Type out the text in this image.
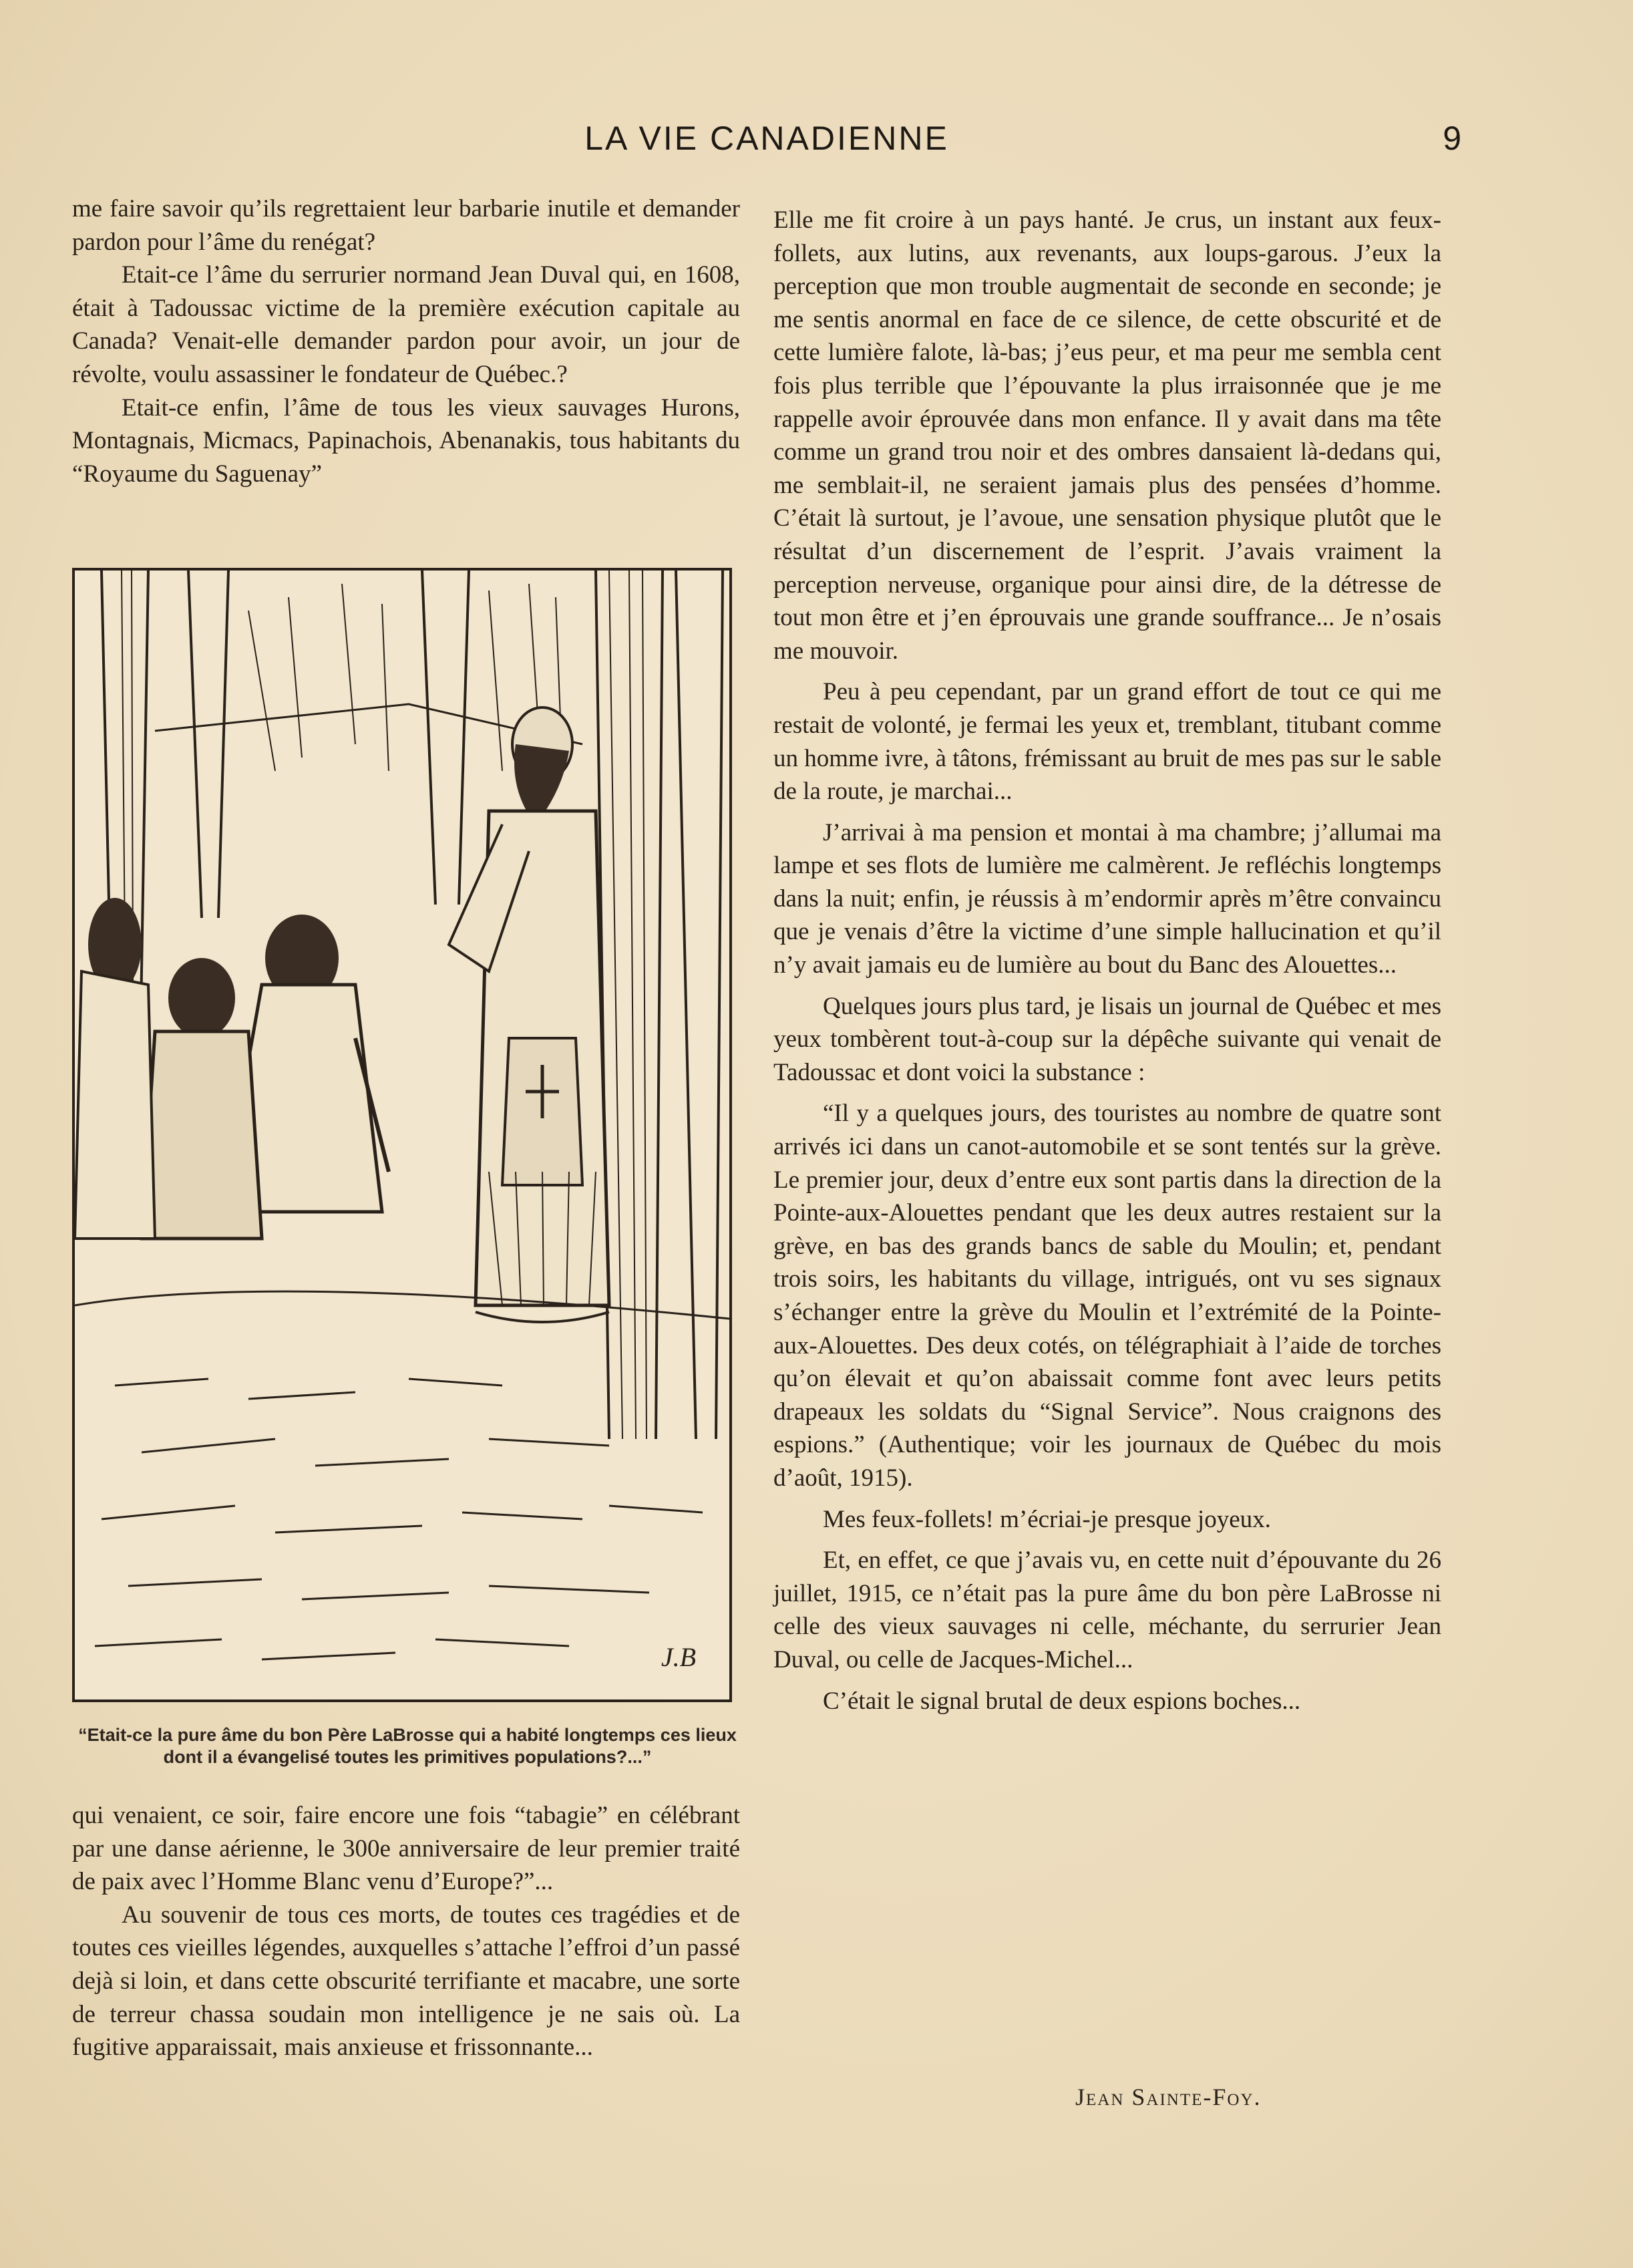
LA VIE CANADIENNE	9

me faire savoir qu’ils regrettaient leur barbarie inutile et demander pardon pour l’âme du renégat?

Etait-ce l’âme du serrurier normand Jean Duval qui, en 1608, était à Tadoussac victime de la première exécution capitale au Canada? Venait-elle demander pardon pour avoir, un jour de révolte, voulu assassiner le fondateur de Québec.?

Etait-ce enfin, l’âme de tous les vieux sauvages Hurons, Montagnais, Micmacs, Papinachois, Abenanakis, tous habitants du “Royaume du Saguenay”

J.B
“Etait-ce la pure âme du bon Père LaBrosse qui a habité longtemps ces lieux dont il a évangelisé toutes les primitives populations?...”

qui venaient, ce soir, faire encore une fois “tabagie” en célébrant par une danse aérienne, le 300e anniversaire de leur premier traité de paix avec l’Homme Blanc venu d’Europe?”...

Au souvenir de tous ces morts, de toutes ces tragédies et de toutes ces vieilles légendes, auxquelles s’attache l’effroi d’un passé dejà si loin, et dans cette obscurité terrifiante et macabre, une sorte de terreur chassa soudain mon intelligence je ne sais où. La fugitive apparaissait, mais anxieuse et frissonnante...

Elle me fit croire à un pays hanté. Je crus, un instant aux feux-follets, aux lutins, aux revenants, aux loups-garous. J’eux la perception que mon trouble augmentait de seconde en seconde; je me sentis anormal en face de ce silence, de cette obscurité et de cette lumière falote, là-bas; j’eus peur, et ma peur me sembla cent fois plus terrible que l’épouvante la plus irraisonnée que je me rappelle avoir éprouvée dans mon enfance. Il y avait dans ma tête comme un grand trou noir et des ombres dansaient là-dedans qui, me semblait-il, ne seraient jamais plus des pensées d’homme. C’était là surtout, je l’avoue, une sensation physique plutôt que le résultat d’un discernement de l’esprit. J’avais vraiment la perception nerveuse, organique pour ainsi dire, de la détresse de tout mon être et j’en éprouvais une grande souffrance... Je n’osais me mouvoir.

Peu à peu cependant, par un grand effort de tout ce qui me restait de volonté, je fermai les yeux et, tremblant, titubant comme un homme ivre, à tâtons, frémissant au bruit de mes pas sur le sable de la route, je marchai...

J’arrivai à ma pension et montai à ma chambre; j’allumai ma lampe et ses flots de lumière me calmèrent. Je refléchis longtemps dans la nuit; enfin, je réussis à m’endormir après m’être convaincu que je venais d’être la victime d’une simple hallucination et qu’il n’y avait jamais eu de lumière au bout du Banc des Alouettes...

Quelques jours plus tard, je lisais un journal de Québec et mes yeux tombèrent tout-à-coup sur la dépêche suivante qui venait de Tadoussac et dont voici la substance :

“Il y a quelques jours, des touristes au nombre de quatre sont arrivés ici dans un canot-automobile et se sont tentés sur la grève. Le premier jour, deux d’entre eux sont partis dans la direction de la Pointe-aux-Alouettes pendant que les deux autres restaient sur la grève, en bas des grands bancs de sable du Moulin; et, pendant trois soirs, les habitants du village, intrigués, ont vu ses signaux s’échanger entre la grève du Moulin et l’extrémité de la Pointe-aux-Alouettes. Des deux cotés, on télégraphiait à l’aide de torches qu’on élevait et qu’on abaissait comme font avec leurs petits drapeaux les soldats du “Signal Service”. Nous craignons des espions.” (Authentique; voir les journaux de Québec du mois d’août, 1915).

Mes feux-follets! m’écriai-je presque joyeux.

Et, en effet, ce que j’avais vu, en cette nuit d’épouvante du 26 juillet, 1915, ce n’était pas la pure âme du bon père LaBrosse ni celle des vieux sauvages ni celle, méchante, du serrurier Jean Duval, ou celle de Jacques-Michel...

C’était le signal brutal de deux espions boches...

Jean Sainte-Foy.
